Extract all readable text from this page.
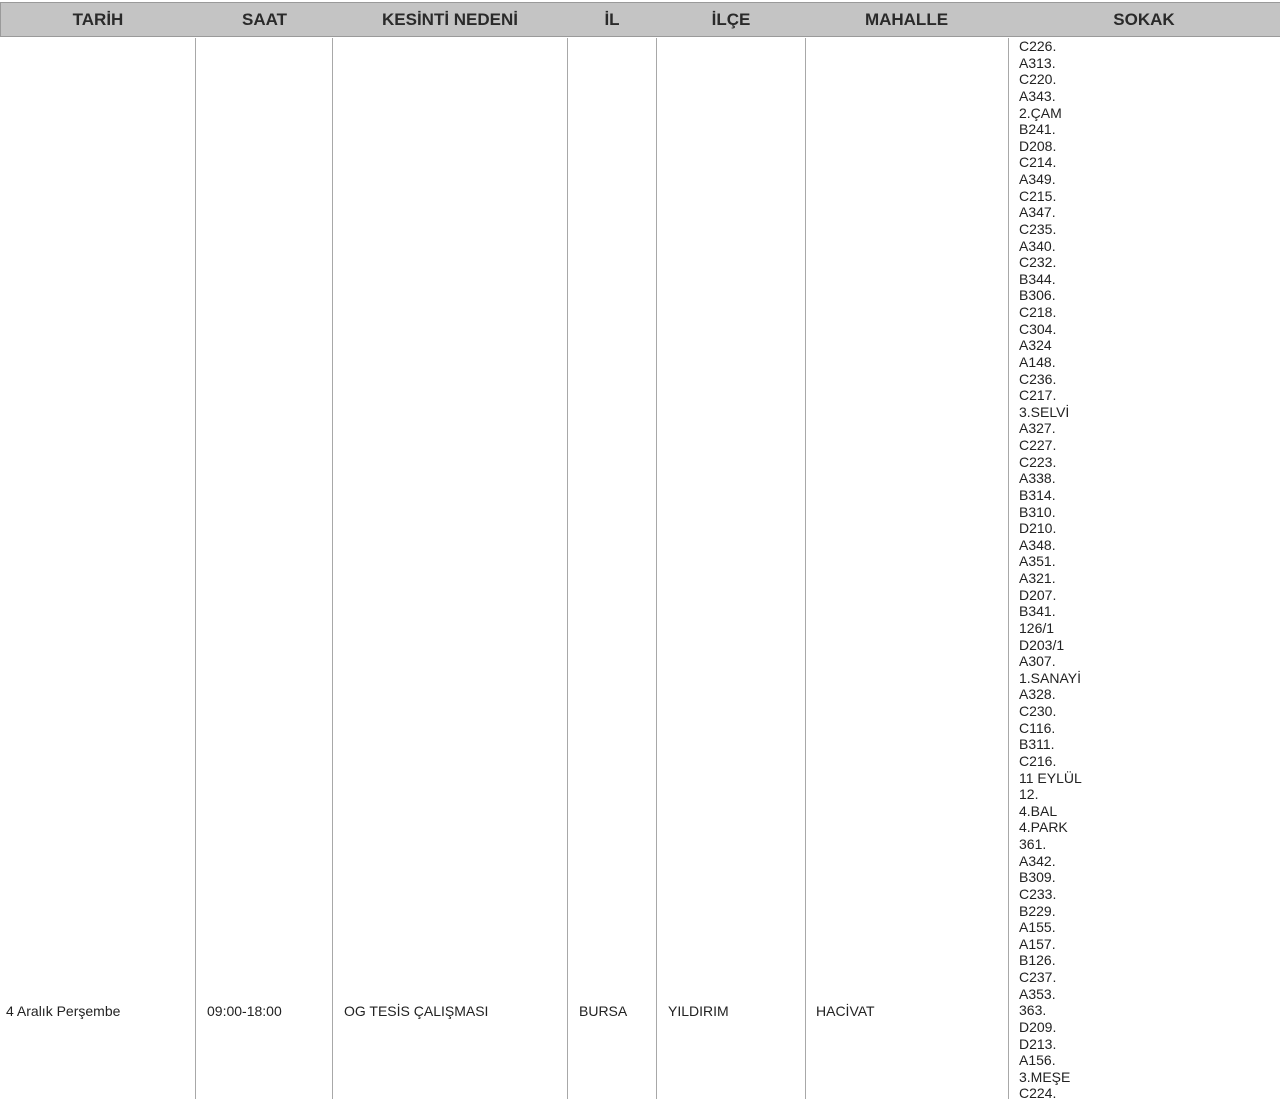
TARİH	SAAT	KESİNTİ NEDENİ	İL	İLÇE	MAHALLE	SOKAK
4 Aralık Perşembe	09:00-18:00	OG TESİS ÇALIŞMASI	BURSA	YILDIRIM	HACİVAT
C226.
A313.
C220.
A343.
2.ÇAM
B241.
D208.
C214.
A349.
C215.
A347.
C235.
A340.
C232.
B344.
B306.
C218.
C304.
A324
A148.
C236.
C217.
3.SELVİ
A327.
C227.
C223.
A338.
B314.
B310.
D210.
A348.
A351.
A321.
D207.
B341.
126/1
D203/1
A307.
1.SANAYİ
A328.
C230.
C116.
B311.
C216.
11 EYLÜL
12.
4.BAL
4.PARK
361.
A342.
B309.
C233.
B229.
A155.
A157.
B126.
C237.
A353.
363.
D209.
D213.
A156.
3.MEŞE
C224.
